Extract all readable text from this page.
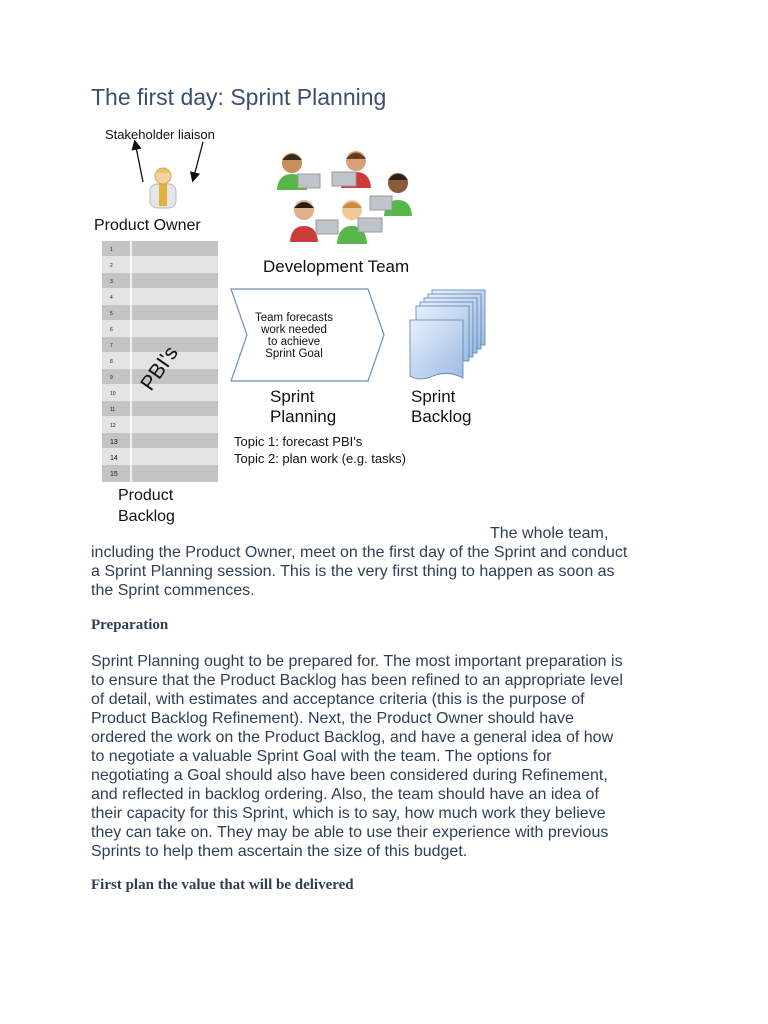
The first day: Sprint Planning
Stakeholder liaison
Product Owner
1
2
3
4
5
6
7
8
9
10
11
12
13
14
15
PBI's
Product
Backlog
Development Team
Team forecasts
work needed
to achieve
Sprint Goal
Sprint
Planning
Sprint
Backlog
Topic 1: forecast PBI's
Topic 2: plan work (e.g. tasks)

The whole team,
including the Product Owner, meet on the first day of the Sprint and conduct
a Sprint Planning session. This is the very first thing to happen as soon as
the Sprint commences.

Preparation

Sprint Planning ought to be prepared for. The most important preparation is
to ensure that the Product Backlog has been refined to an appropriate level
of detail, with estimates and acceptance criteria (this is the purpose of
Product Backlog Refinement). Next, the Product Owner should have
ordered the work on the Product Backlog, and have a general idea of how
to negotiate a valuable Sprint Goal with the team. The options for
negotiating a Goal should also have been considered during Refinement,
and reflected in backlog ordering. Also, the team should have an idea of
their capacity for this Sprint, which is to say, how much work they believe
they can take on. They may be able to use their experience with previous
Sprints to help them ascertain the size of this budget.

First plan the value that will be delivered
